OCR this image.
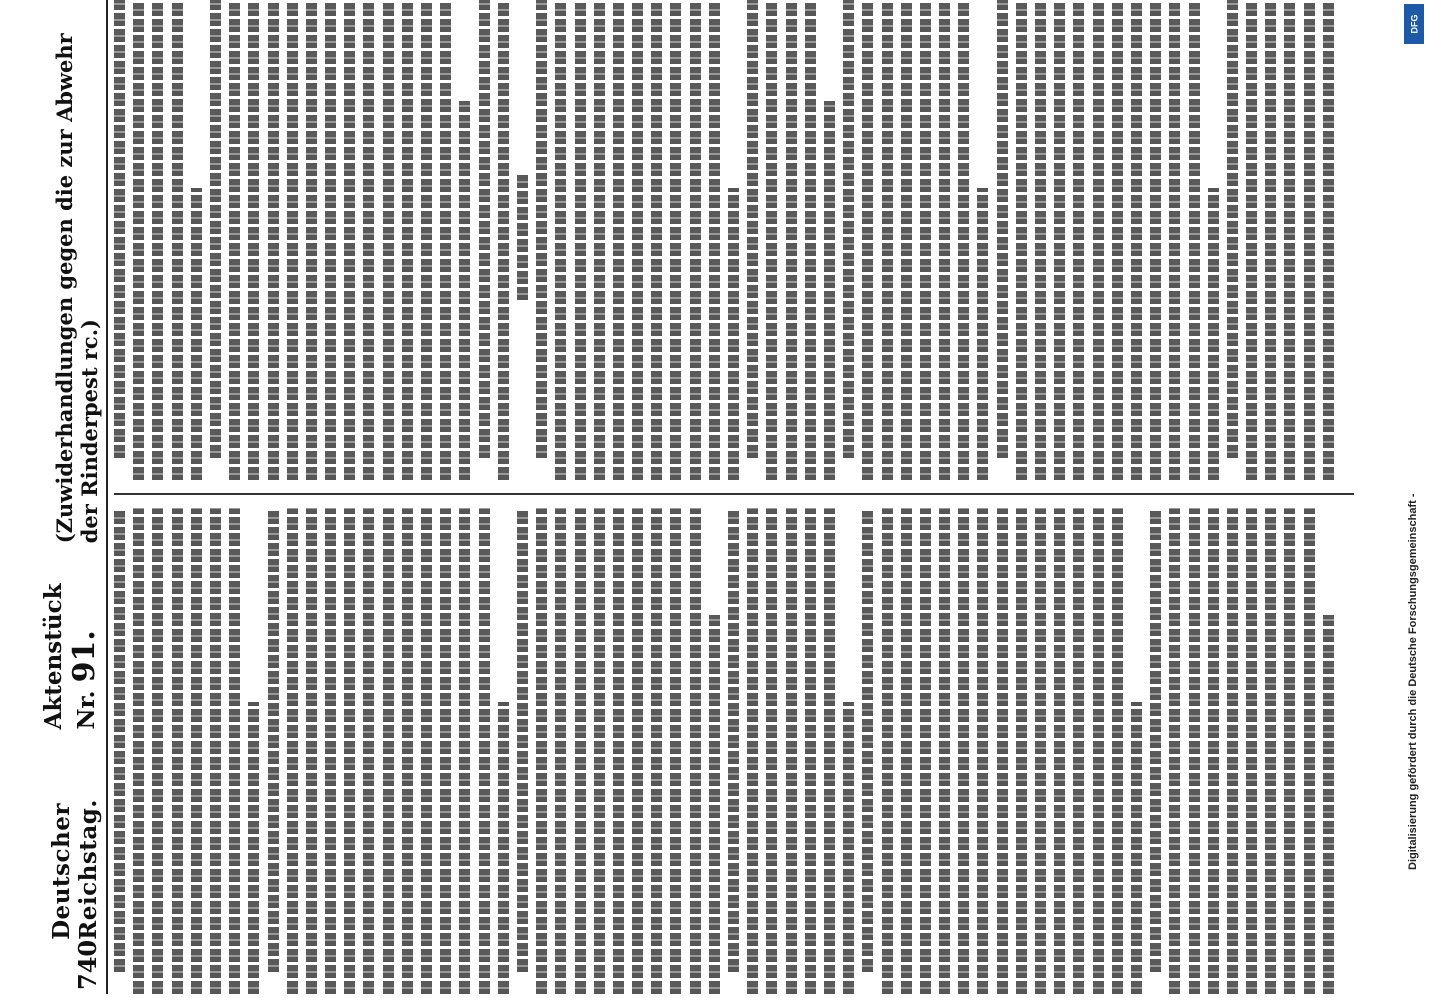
740
Deutscher Reichstag.
Aktenstück Nr. 91.
(Zuwiderhandlungen gegen die zur Abwehr der Rinderpest rc.)
DFG
Digitalisierung gefördert durch die Deutsche Forschungsgemeinschaft -
